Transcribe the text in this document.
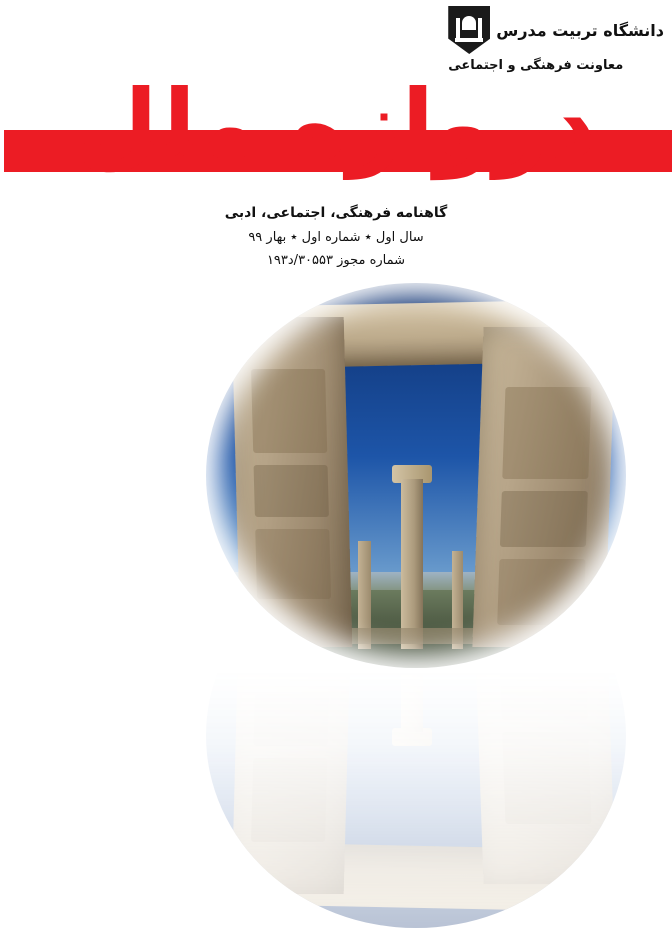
دانشگاه تربیت مدرس
معاونت فرهنگی و اجتماعی
دروازه ملل
گاهنامه فرهنگی، اجتماعی، ادبی
سال اول ٭ شماره اول ٭ بهار ۹۹
شماره مجوز ۳۰۵۵۳/د۱۹۳
